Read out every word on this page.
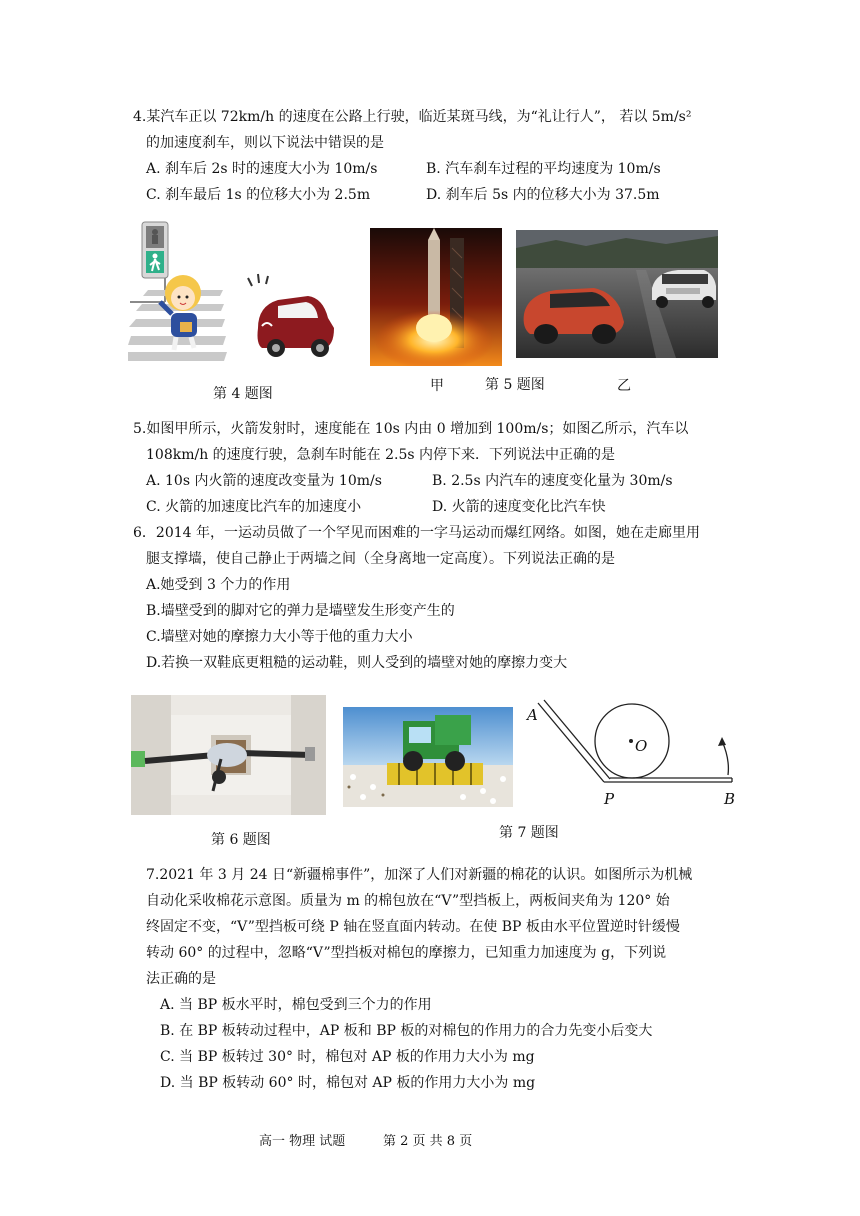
4.某汽车正以 72km/h 的速度在公路上行驶，临近某斑马线，为“礼让行人”， 若以 5m/s²
的加速度刹车，则以下说法中错误的是
A. 刹车后 2s 时的速度大小为 10m/s	B. 汽车刹车过程的平均速度为 10m/s
C. 刹车最后 1s 的位移大小为 2.5m	D. 刹车后 5s 内的位移大小为 37.5m
第 4 题图	甲	第 5 题图	乙
5.如图甲所示，火箭发射时，速度能在 10s 内由 0 增加到 100m/s；如图乙所示，汽车以
108km/h 的速度行驶，急刹车时能在 2.5s 内停下来．下列说法中正确的是
A. 10s 内火箭的速度改变量为 10m/s	B. 2.5s 内汽车的速度变化量为 30m/s
C. 火箭的加速度比汽车的加速度小	D. 火箭的速度变化比汽车快
6．2014 年，一运动员做了一个罕见而困难的一字马运动而爆红网络。如图，她在走廊里用
腿支撑墙，使自己静止于两墙之间（全身离地一定高度）。下列说法正确的是
A.她受到 3 个力的作用
B.墙壁受到的脚对它的弹力是墙壁发生形变产生的
C.墙壁对她的摩擦力大小等于他的重力大小
D.若换一双鞋底更粗糙的运动鞋，则人受到的墙壁对她的摩擦力变大
A
O
P	B
第 6 题图	第 7 题图
7.2021 年 3 月 24 日“新疆棉事件”，加深了人们对新疆的棉花的认识。如图所示为机械
自动化采收棉花示意图。质量为 m 的棉包放在“V”型挡板上，两板间夹角为 120° 始
终固定不变，“V”型挡板可绕 P 轴在竖直面内转动。在使 BP 板由水平位置逆时针缓慢
转动 60° 的过程中，忽略“V”型挡板对棉包的摩擦力，已知重力加速度为 g，下列说
法正确的是
A. 当 BP 板水平时，棉包受到三个力的作用
B. 在 BP 板转动过程中，AP 板和 BP 板的对棉包的作用力的合力先变小后变大
C. 当 BP 板转过 30° 时，棉包对 AP 板的作用力大小为 mg
D. 当 BP 板转动 60° 时，棉包对 AP 板的作用力大小为 mg
高一 物理 试题	第 2 页 共 8 页
